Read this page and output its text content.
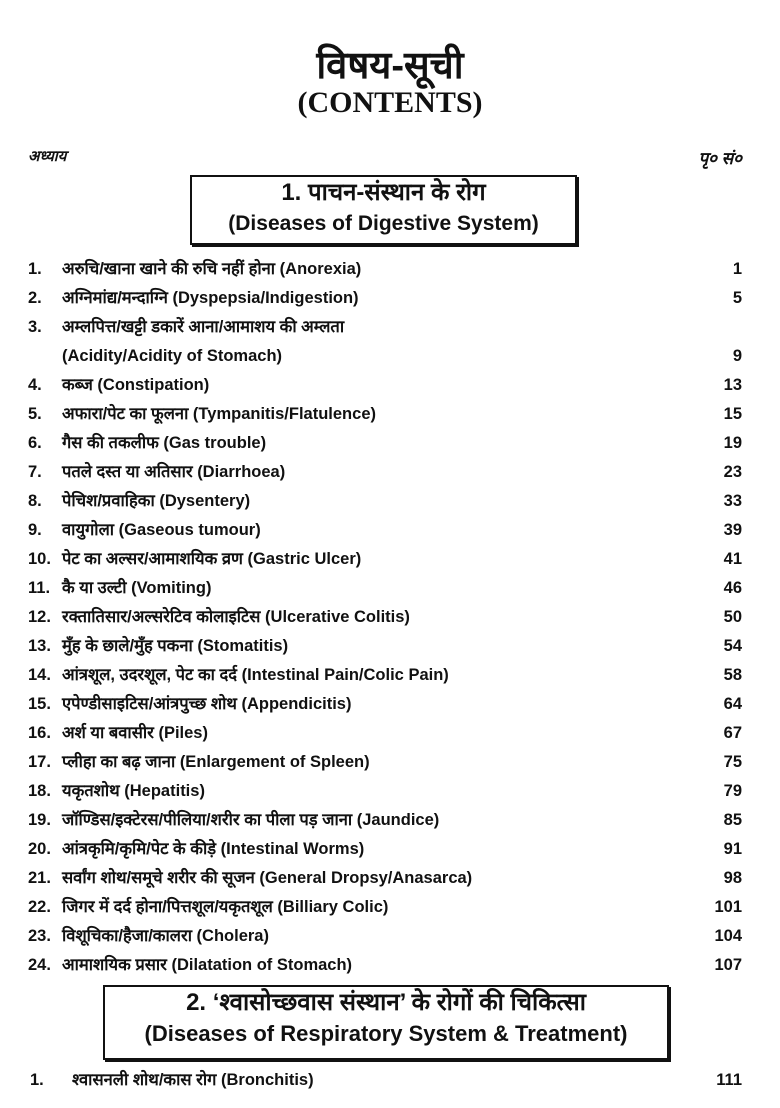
विषय-सूची
(CONTENTS)
अध्याय	पृ० सं०
1. पाचन-संस्थान के रोग
(Diseases of Digestive System)
1.	अरुचि/खाना खाने की रुचि नहीं होना (Anorexia)	1
2.	अग्निमांद्य/मन्दाग्नि (Dyspepsia/Indigestion)	5
3.	अम्लपित्त/खट्टी डकारें आना/आमाशय की अम्लता
(Acidity/Acidity of Stomach)	9
4.	कब्ज (Constipation)	13
5.	अफारा/पेट का फूलना (Tympanitis/Flatulence)	15
6.	गैस की तकलीफ (Gas trouble)	19
7.	पतले दस्त या अतिसार (Diarrhoea)	23
8.	पेचिश/प्रवाहिका (Dysentery)	33
9.	वायुगोला (Gaseous tumour)	39
10. पेट का अल्सर/आमाशयिक व्रण (Gastric Ulcer)	41
11. कै या उल्टी (Vomiting)	46
12. रक्तातिसार/अल्सरेटिव कोलाइटिस (Ulcerative Colitis)	50
13. मुँह के छाले/मुँह पकना (Stomatitis)	54
14. आंत्रशूल, उदरशूल, पेट का दर्द (Intestinal Pain/Colic Pain)	58
15. एपेण्डीसाइटिस/आंत्रपुच्छ शोथ (Appendicitis)	64
16. अर्श या बवासीर (Piles)	67
17. प्लीहा का बढ़ जाना (Enlargement of Spleen)	75
18. यकृतशोथ (Hepatitis)	79
19. जॉण्डिस/इक्टेरस/पीलिया/शरीर का पीला पड़ जाना (Jaundice)	85
20. आंत्रकृमि/कृमि/पेट के कीड़े (Intestinal Worms)	91
21. सर्वांग शोथ/समूचे शरीर की सूजन (General Dropsy/Anasarca)	98
22. जिगर में दर्द होना/पित्तशूल/यकृतशूल (Billiary Colic)	101
23. विशूचिका/हैजा/कालरा (Cholera)	104
24. आमाशयिक प्रसार (Dilatation of Stomach)	107
2. ‘श्वासोच्छवास संस्थान’ के रोगों की चिकित्सा
(Diseases of Respiratory System & Treatment)
1.	श्वासनली शोथ/कास रोग (Bronchitis)	111
